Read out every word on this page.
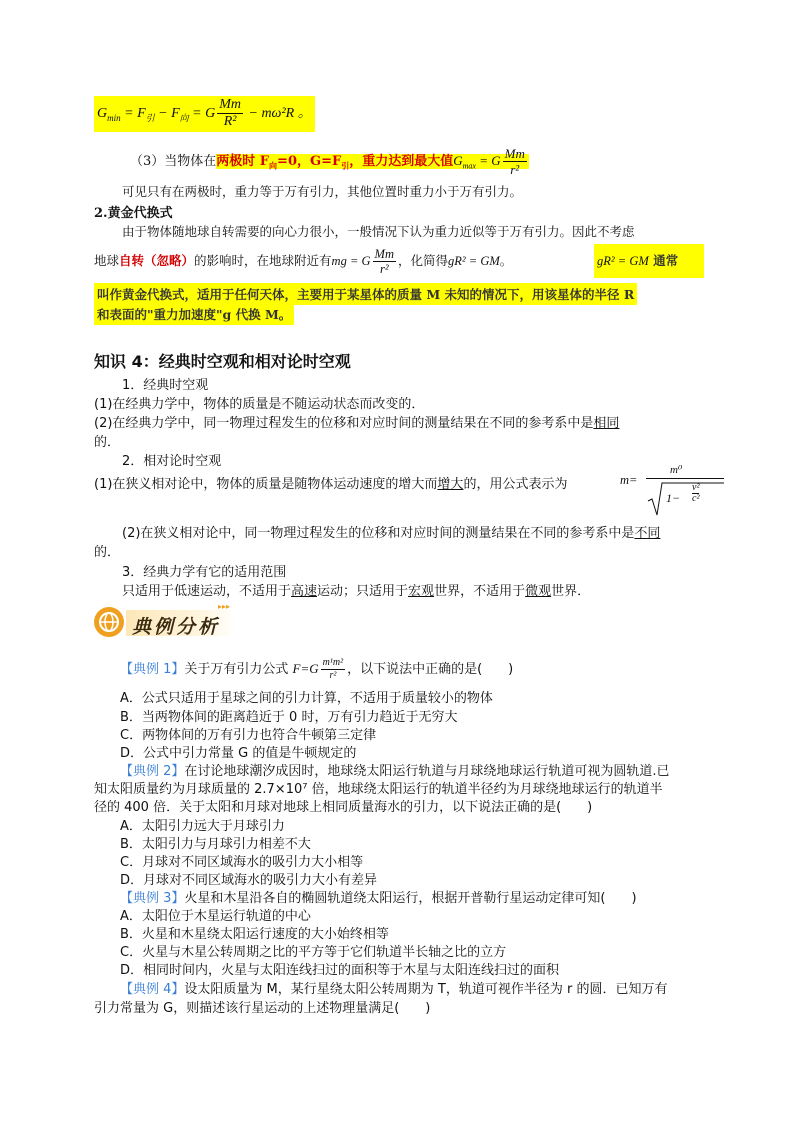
$G_{min} = F_引 - F_向 = G \frac{Mm}{\text{R²}} - m\omega^2R$ 。
（3）当物体在两极时 $F_向=0$，$G=F_引$，重力达到最大值$G_{max} = G \frac{Mm}{\text{r²}}$
可见只有在两极时，重力等于万有引力，其他位置时重力小于万有引力。
2.黄金代换式
由于物体随地球自转需要的向心力很小，一般情况下认为重力近似等于万有引力。因此不考虑
地球自转（忽略）的影响时，在地球附近有mg = G $\frac{Mm}{\text{r²}}$ ，化简得gR² = GM。	gR² = GM 通常
叫作黄金代换式，适用于任何天体，主要用于某星体的质量 M 未知的情况下，用该星体的半径 R
和表面的"重力加速度"g 代换 M。
知识 4：经典时空观和相对论时空观
1．经典时空观
(1)在经典力学中，物体的质量是不随运动状态而改变的．
(2)在经典力学中，同一物理过程发生的位移和对应时间的测量结果在不同的参考系中是相同
的．
2．相对论时空观
(1)在狭义相对论中，物体的质量是随物体运动速度的增大而增大的，用公式表示为	m=
m⁰
1−
v²
c²
(2)在狭义相对论中，同一物理过程发生的位移和对应时间的测量结果在不同的参考系中是不同
的．
3．经典力学有它的适用范围
只适用于低速运动，不适用于高速运动；只适用于宏观世界，不适用于微观世界．
典例分析
▸▸▸
【典例 1】关于万有引力公式 $F=G \frac{\text{m¹m²}}{\text{r²}}$ ，以下说法中正确的是(　　)
A．公式只适用于星球之间的引力计算，不适用于质量较小的物体
B．当两物体间的距离趋近于 0 时，万有引力趋近于无穷大
C．两物体间的万有引力也符合牛顿第三定律
D．公式中引力常量 G 的值是牛顿规定的
【典例 2】在讨论地球潮汐成因时，地球绕太阳运行轨道与月球绕地球运行轨道可视为圆轨道.已
知太阳质量约为月球质量的 2.7×10⁷ 倍，地球绕太阳运行的轨道半径约为月球绕地球运行的轨道半
径的 400 倍．关于太阳和月球对地球上相同质量海水的引力，以下说法正确的是(　　)
A．太阳引力远大于月球引力
B．太阳引力与月球引力相差不大
C．月球对不同区域海水的吸引力大小相等
D．月球对不同区域海水的吸引力大小有差异
【典例 3】火星和木星沿各自的椭圆轨道绕太阳运行，根据开普勒行星运动定律可知(　　)
A．太阳位于木星运行轨道的中心
B．火星和木星绕太阳运行速度的大小始终相等
C．火星与木星公转周期之比的平方等于它们轨道半长轴之比的立方
D．相同时间内，火星与太阳连线扫过的面积等于木星与太阳连线扫过的面积
【典例 4】设太阳质量为 M，某行星绕太阳公转周期为 T，轨道可视作半径为 r 的圆．已知万有
引力常量为 G，则描述该行星运动的上述物理量满足(　　)
